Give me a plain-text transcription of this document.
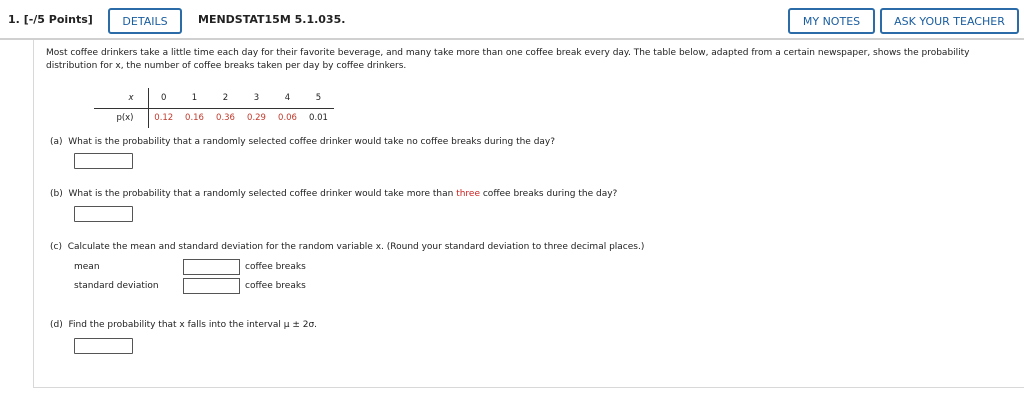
1. [-/5 Points]	DETAILS	MENDSTAT15M 5.1.035.	MY NOTES	ASK YOUR TEACHER

Most coffee drinkers take a little time each day for their favorite beverage, and many take more than one coffee break every day. The table below, adapted from a certain newspaper, shows the probability distribution for x, the number of coffee breaks taken per day by coffee drinkers.

x	0	1	2	3	4	5
p(x)	0.12	0.16	0.36	0.29	0.06	0.01
(a) What is the probability that a randomly selected coffee drinker would take no coffee breaks during the day?
(b) What is the probability that a randomly selected coffee drinker would take more than three coffee breaks during the day?
(c) Calculate the mean and standard deviation for the random variable x. (Round your standard deviation to three decimal places.)
mean	coffee breaks
standard deviation	coffee breaks
(d) Find the probability that x falls into the interval μ ± 2σ.
